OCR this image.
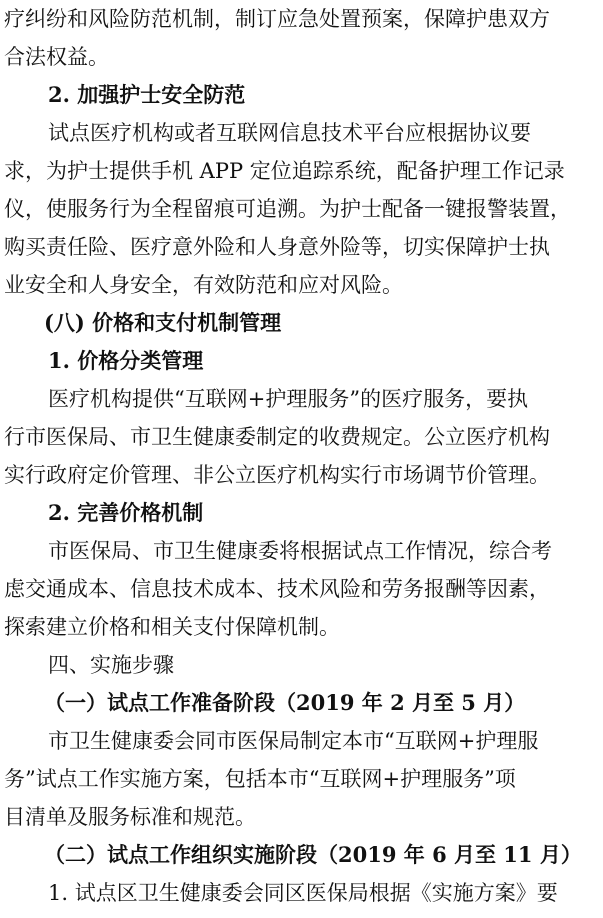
疗纠纷和风险防范机制，制订应急处置预案，保障护患双方
合法权益。
2. 加强护士安全防范
试点医疗机构或者互联网信息技术平台应根据协议要
求，为护士提供手机 APP 定位追踪系统，配备护理工作记录
仪，使服务行为全程留痕可追溯。为护士配备一键报警装置，
购买责任险、医疗意外险和人身意外险等，切实保障护士执
业安全和人身安全，有效防范和应对风险。
(八) 价格和支付机制管理
1. 价格分类管理
医疗机构提供“互联网+护理服务”的医疗服务，要执
行市医保局、市卫生健康委制定的收费规定。公立医疗机构
实行政府定价管理、非公立医疗机构实行市场调节价管理。
2. 完善价格机制
市医保局、市卫生健康委将根据试点工作情况，综合考
虑交通成本、信息技术成本、技术风险和劳务报酬等因素，
探索建立价格和相关支付保障机制。
四、实施步骤
（一）试点工作准备阶段（2019 年 2 月至 5 月）
市卫生健康委会同市医保局制定本市“互联网+护理服
务”试点工作实施方案，包括本市“互联网+护理服务”项
目清单及服务标准和规范。
（二）试点工作组织实施阶段（2019 年 6 月至 11 月）
1. 试点区卫生健康委会同区医保局根据《实施方案》要
